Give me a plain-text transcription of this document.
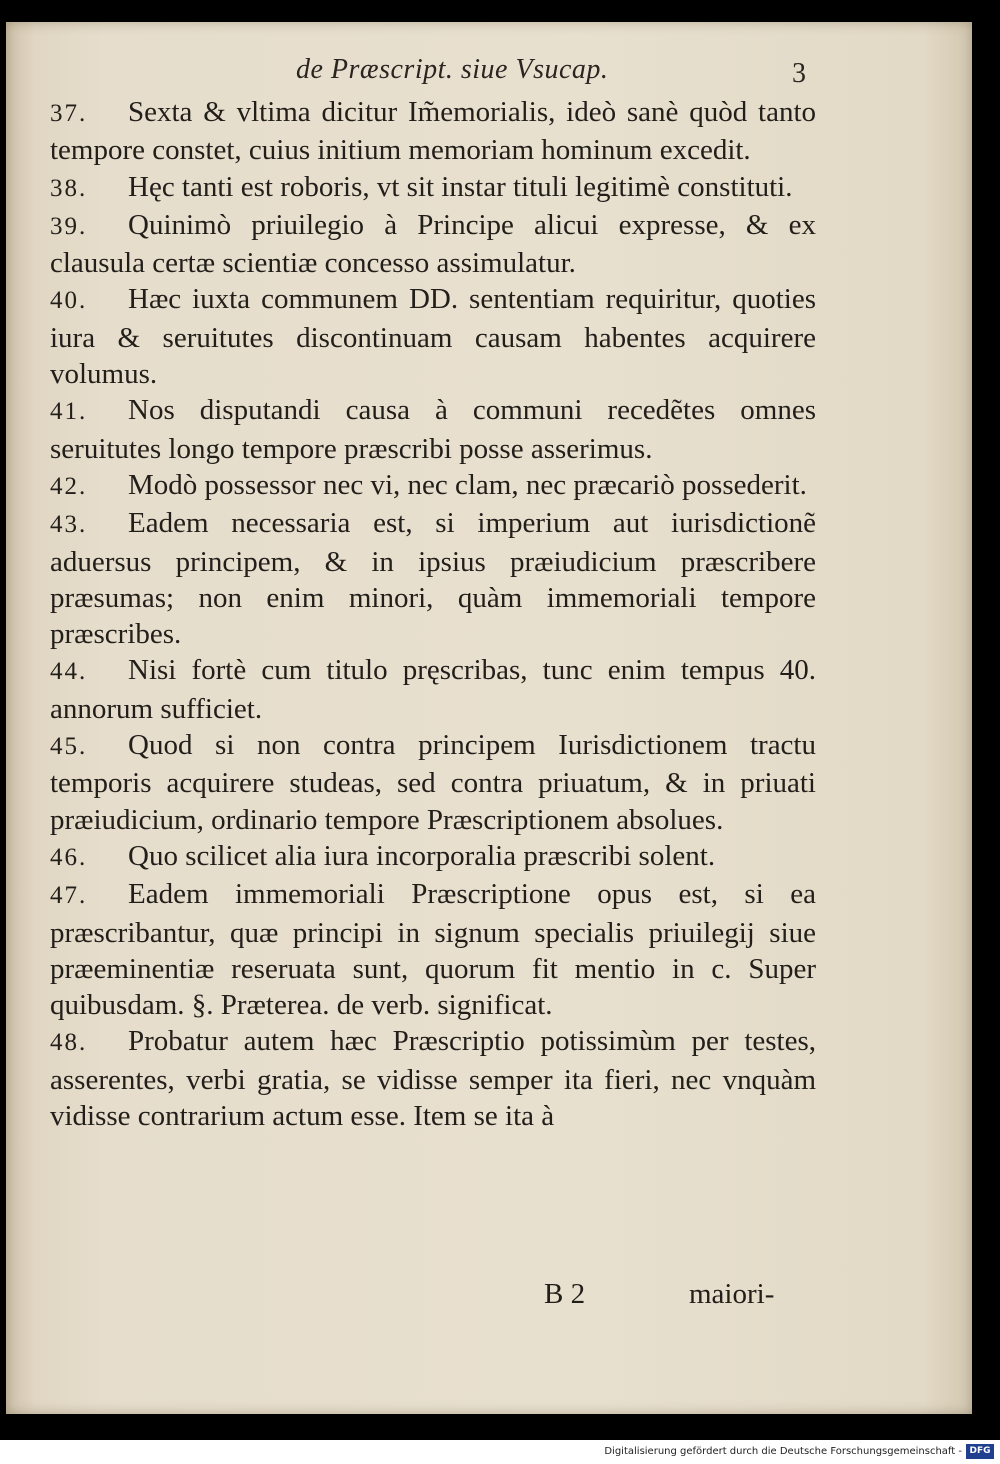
de Præscript. siue Vsucap.	3

37. Sexta & vltima dicitur Im̃emorialis, ideò sanè quòd tanto tempore constet, cuius initium memoriam hominum excedit.

38. Hęc tanti est roboris, vt sit instar tituli legitimè constituti.

39. Quinimò priuilegio à Principe alicui expresse, & ex clausula certæ scientiæ concesso assimulatur.

40. Hæc iuxta communem DD. sententiam requiritur, quoties iura & seruitutes discontinuam causam habentes acquirere volumus.

41. Nos disputandi causa à communi recedẽtes omnes seruitutes longo tempore præscribi posse asserimus.

42. Modò possessor nec vi, nec clam, nec præcariò possederit.

43. Eadem necessaria est, si imperium aut iurisdictionẽ aduersus principem, & in ipsius præiudicium præscribere præsumas; non enim minori, quàm immemoriali tempore præscribes.

44. Nisi fortè cum titulo pręscribas, tunc enim tempus 40. annorum sufficiet.

45. Quod si non contra principem Iurisdictionem tractu temporis acquirere studeas, sed contra priuatum, & in priuati præiudicium, ordinario tempore Præscriptionem absolues.

46. Quo scilicet alia iura incorporalia præscribi solent.

47. Eadem immemoriali Præscriptione opus est, si ea præscribantur, quæ principi in signum specialis priuilegij siue præeminentiæ reseruata sunt, quorum fit mentio in c. Super quibusdam. §. Præterea. de verb. significat.

48. Probatur autem hæc Præscriptio potissimùm per testes, asserentes, verbi gratia, se vidisse semper ita fieri, nec vnquàm vidisse contrarium actum esse. Item se ita à

B 2	maiori-
Digitalisierung gefördert durch die Deutsche Forschungsgemeinschaft - DFG
